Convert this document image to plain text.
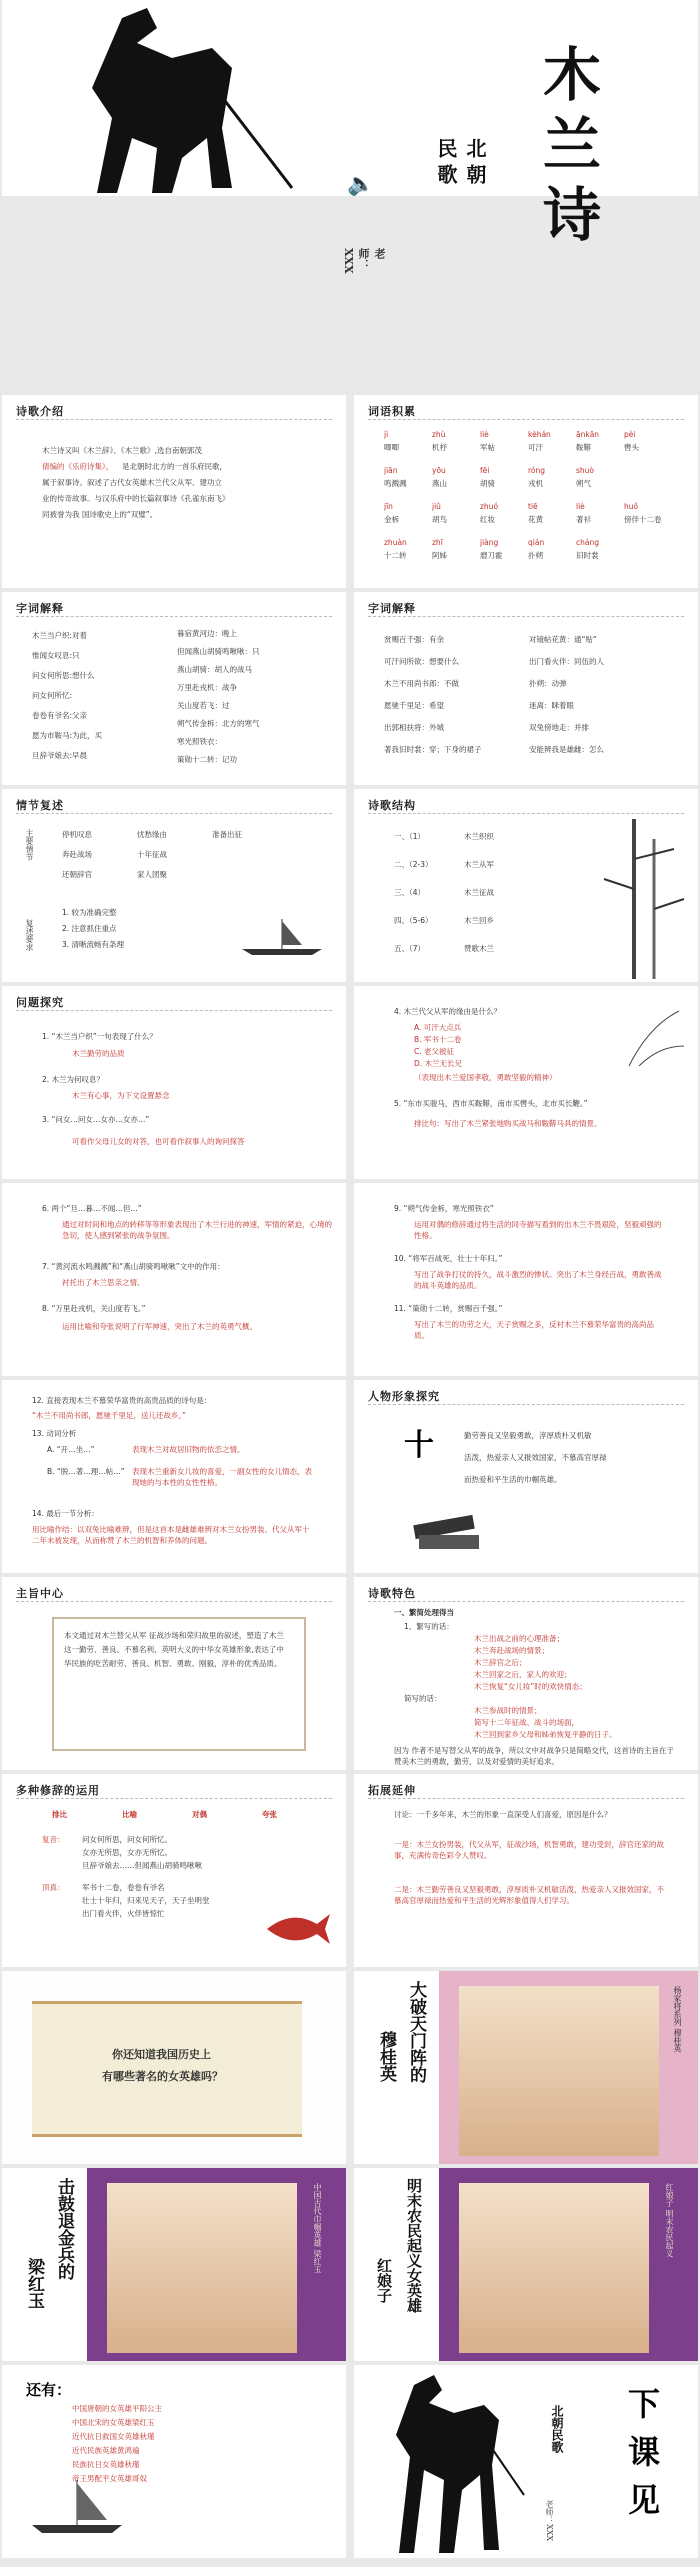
🔈	北朝民歌
老师：XXX
木
兰
诗
诗歌介绍
木兰诗又叫《木兰辞》、《木兰歌》,选自南朝郭茂
倩编的《乐府诗集》， 是北朝时北方的一首乐府民歌，
属于叙事诗。叙述了古代女英雄木兰代父从军、建功立
业的传奇故事。与汉乐府中的长篇叙事诗《孔雀东南飞》
同被誉为我 国诗歌史上的“双璧”。
词语积累
jì	zhù	liè	kèhán	ānkān	pèi
唧唧	机杼	军帖	可汗	鞍鞯	辔头
jiān	yōu	fēi	róng	shuò
鸣溅溅	燕山	胡骑	戎机	朔气
jīn	jiǔ	zhuó	tiē	liè	huǒ
金柝	胡鸟	红妆	花黄	著衫	傍伴十二卷
zhuàn	zhī	jiàng	qián	cháng
十二转	阿姊	磨刀霍	扑朔	旧时裳
字词解释
木兰当户织:对着
惟闻女叹息:只
问女何所思:想什么
问女何所忆:
卷卷有爷名:父亲
愿为市鞍马:为此，买
旦辞爷娘去:早晨
暮宿黄河边：晚上
但闻燕山胡骑鸣啾啾：只
燕山胡骑：胡人的战马
万里赴戎机：战争
关山度若飞：过
朔气传金柝：北方的寒气
寒光照铁衣：
策勋十二转：记功
字词解释
赏赐百千强：有余
可汗问所欲：想要什么
木兰不用尚书郎：不做
愿驰千里足：希望
出郭相扶将：外城
著我旧时裳：穿；下身的裙子
对镜帖花黄：通“贴”
出门看火伴：同伍的人
扑朔：动弹
迷离：眯着眼
双兔傍地走：并排
安能辨我是雄雌：怎么
情节复述
主要情节
复述要求
停机叹息	忧愁缘由	准备出征
奔赴战场	十年征战
还朝辞官	家人团聚
1. 较为准确完整
2. 注意抓住重点
3. 清晰流畅有条理
诗歌结构
一、（1）	木兰织织
二、（2-3）	木兰从军
三、（4）	木兰征战
四、（5-6）	木兰回乡
五、（7）	赞歌木兰
问题探究
1. “木兰当户织”一句表现了什么？
木兰勤劳的品质
2. 木兰为何叹息？
木兰有心事，为下文设置悬念
3. “问女…问女…女亦…女亦…”
可看作父母儿女的对答，也可看作叙事人的询问探答
4. 木兰代父从军的缘由是什么？
A. 可汗大点兵
B. 军书十二卷
C. 老父被征
D. 木兰无长兄
（表现出木兰爱国孝敬，勇敢坚毅的精神）
5. “东市买骏马，西市买鞍鞯，南市买辔头，北市买长鞭。”
排比句：写出了木兰紧张地购买战马和鞍鞯马具的情景。
6. 两个“旦…暮…不闻…但…”
通过对时间和地点的转移等等形象表现出了木兰行进的神速，军情的紧迫，心境的急切，使人感到紧张的战争氛围。
7. “黄河流水鸣溅溅”和“燕山胡骑鸣啾啾”文中的作用：
衬托出了木兰思亲之情。
8. “万里赴戎机，关山度若飞。”
运用比喻和夸张说明了行军神速，突出了木兰的英勇气概。
9. “朔气传金柝，寒光照铁衣”
运用对偶的修辞通过将生活的同寺描写看到的出木兰不畏艰险，坚毅顽强的性格。
10. “将军百战死，壮士十年归。”
写出了战争打仗的持久，战斗激烈的惨状。突出了木兰身经百战，勇敢善战的战斗英雄的品质。
11. “策勋十二转，赏赐百千强。”
写出了木兰的功劳之大，天子赏赐之多，反衬木兰不慕荣华富贵的高尚品质。
12. 直接表现木兰不慕荣华富贵的高贵品质的诗句是：
“木兰不用尚书郎，愿驰千里足，送儿还故乡。”
13. 动词分析
A. “开…坐…”	表现木兰对故居旧物的依恋之情。
B. “脱…著…理…帖…” 表现木兰重新女儿妆的喜爱，一副女性的女儿情态，表现她的与本性的女性性格。
14. 最后一节分析：
用比喻作结：以双兔比喻难辨，但是这首本是雌雄难辨对木兰女扮男装、代父从军十二年未被发现，从而称赞了木兰的机智和养体的问题。
人物形象探究
十	勤劳善良又坚毅勇敢，淳厚质朴又机敏
活泼，热爱亲人又报效国家，不慕高官厚禄
而热爱和平生活的巾帼英雄。
主旨中心
本文通过对木兰替父从军 征战沙场和荣归故里的叙述，塑造了木兰这一勤劳、善良、不慕名利、英明大义的中华女英雄形象,表达了中华民族的吃苦耐劳、善良、机智、勇敢、刚毅，淳朴的优秀品质。
诗歌特色
一、繁简处理得当
1、繁写的话：
木兰出战之前的心理准备；
木兰奔赴战场的情景；
木兰辞官之后；
木兰回家之后，家人的欢迎；
木兰恢复“女儿妆”时的欢快情态；
简写的话：
木兰参战时的情景；
简写十二年征战、战斗的场面，
木兰回到家乡父母和姊弟恢复平静的日子。
因为 作者不是写替父从军的战争，所以文中对战争只是简略交代，这首诗的主旨在于赞美木兰的勇敢，勤劳，以及对爱情的美好追求。
多种修辞的运用
排比	比喻	对偶	夸张
复音： 问女何所思，问女何所忆。
女亦无所思，女亦无所忆。
旦辞爷娘去……但闻燕山胡骑鸣啾啾
顶真： 军书十二卷，卷卷有爷名
壮士十年归，归来见天子，天子坐明堂
出门看火伴，火伴皆惊忙
拓展延伸
讨论：一千多年来，木兰的形象一直深受人们喜爱，原因是什么？
一是：木兰女扮男装，代父从军，征战沙场，机智勇敢，建功受封，辞官还家的故事，充满传奇色彩令人赞叹。
二是：木兰勤劳善良又坚毅勇敢，淳厚质朴又机敏活泼，热爱亲人又报效国家，不慕高官厚禄而热爱和平生活的光辉形象值得人们学习。
你还知道我国历史上
有哪些著名的女英雄吗？	穆桂英 大破天门阵的	杨家将系列 穆桂英
梁红玉
击鼓退金兵的	中国古代巾帼英雄 梁红玉
红娘子 明末农民起义女英雄	红娘子 明末农民起义
还有：
中国唐朝的女英雄平阳公主
中国北宋的女英雄梁红玉
近代抗日救国女英雄秋瑾
近代民族英雄黄鸿遍
民族抗日女英雄秋瑾
帝王男配平女英雄哥奴
北朝民歌
老师：XXX
下
课
见
